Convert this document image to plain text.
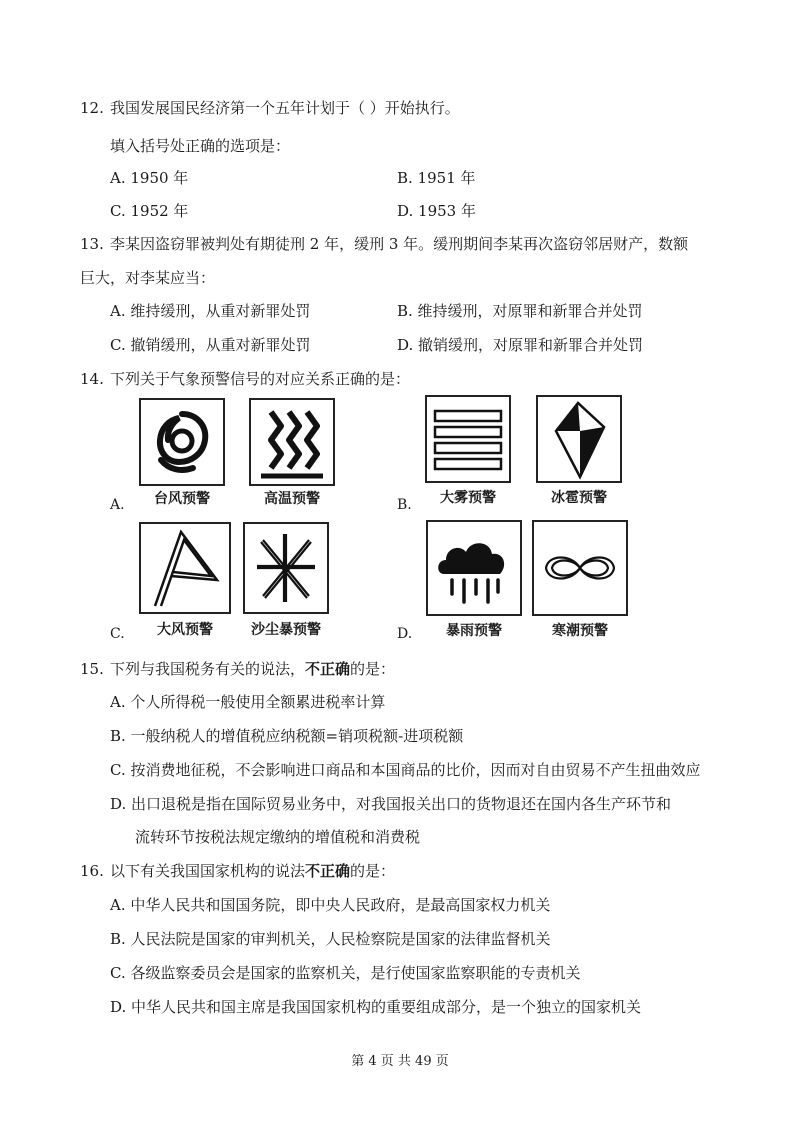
12. 我国发展国民经济第一个五年计划于（ ）开始执行。
填入括号处正确的选项是：
A. 1950 年	B. 1951 年
C. 1952 年	D. 1953 年
13. 李某因盗窃罪被判处有期徒刑 2 年，缓刑 3 年。缓刑期间李某再次盗窃邻居财产，数额
巨大，对李某应当：
A. 维持缓刑，从重对新罪处罚	B. 维持缓刑，对原罪和新罪合并处罚
C. 撤销缓刑，从重对新罪处罚	D. 撤销缓刑，对原罪和新罪合并处罚
14. 下列关于气象预警信号的对应关系正确的是：
A.	台风预警	高温预警	B.	大雾预警	冰雹预警
C.	大风预警	沙尘暴预警	D.	暴雨预警	寒潮预警
15. 下列与我国税务有关的说法，不正确的是：
A. 个人所得税一般使用全额累进税率计算
B. 一般纳税人的增值税应纳税额=销项税额-进项税额
C. 按消费地征税，不会影响进口商品和本国商品的比价，因而对自由贸易不产生扭曲效应
D. 出口退税是指在国际贸易业务中，对我国报关出口的货物退还在国内各生产环节和
流转环节按税法规定缴纳的增值税和消费税
16. 以下有关我国国家机构的说法不正确的是：
A. 中华人民共和国国务院，即中央人民政府，是最高国家权力机关
B. 人民法院是国家的审判机关，人民检察院是国家的法律监督机关
C. 各级监察委员会是国家的监察机关，是行使国家监察职能的专责机关
D. 中华人民共和国主席是我国国家机构的重要组成部分，是一个独立的国家机关
第 4 页 共 49 页
